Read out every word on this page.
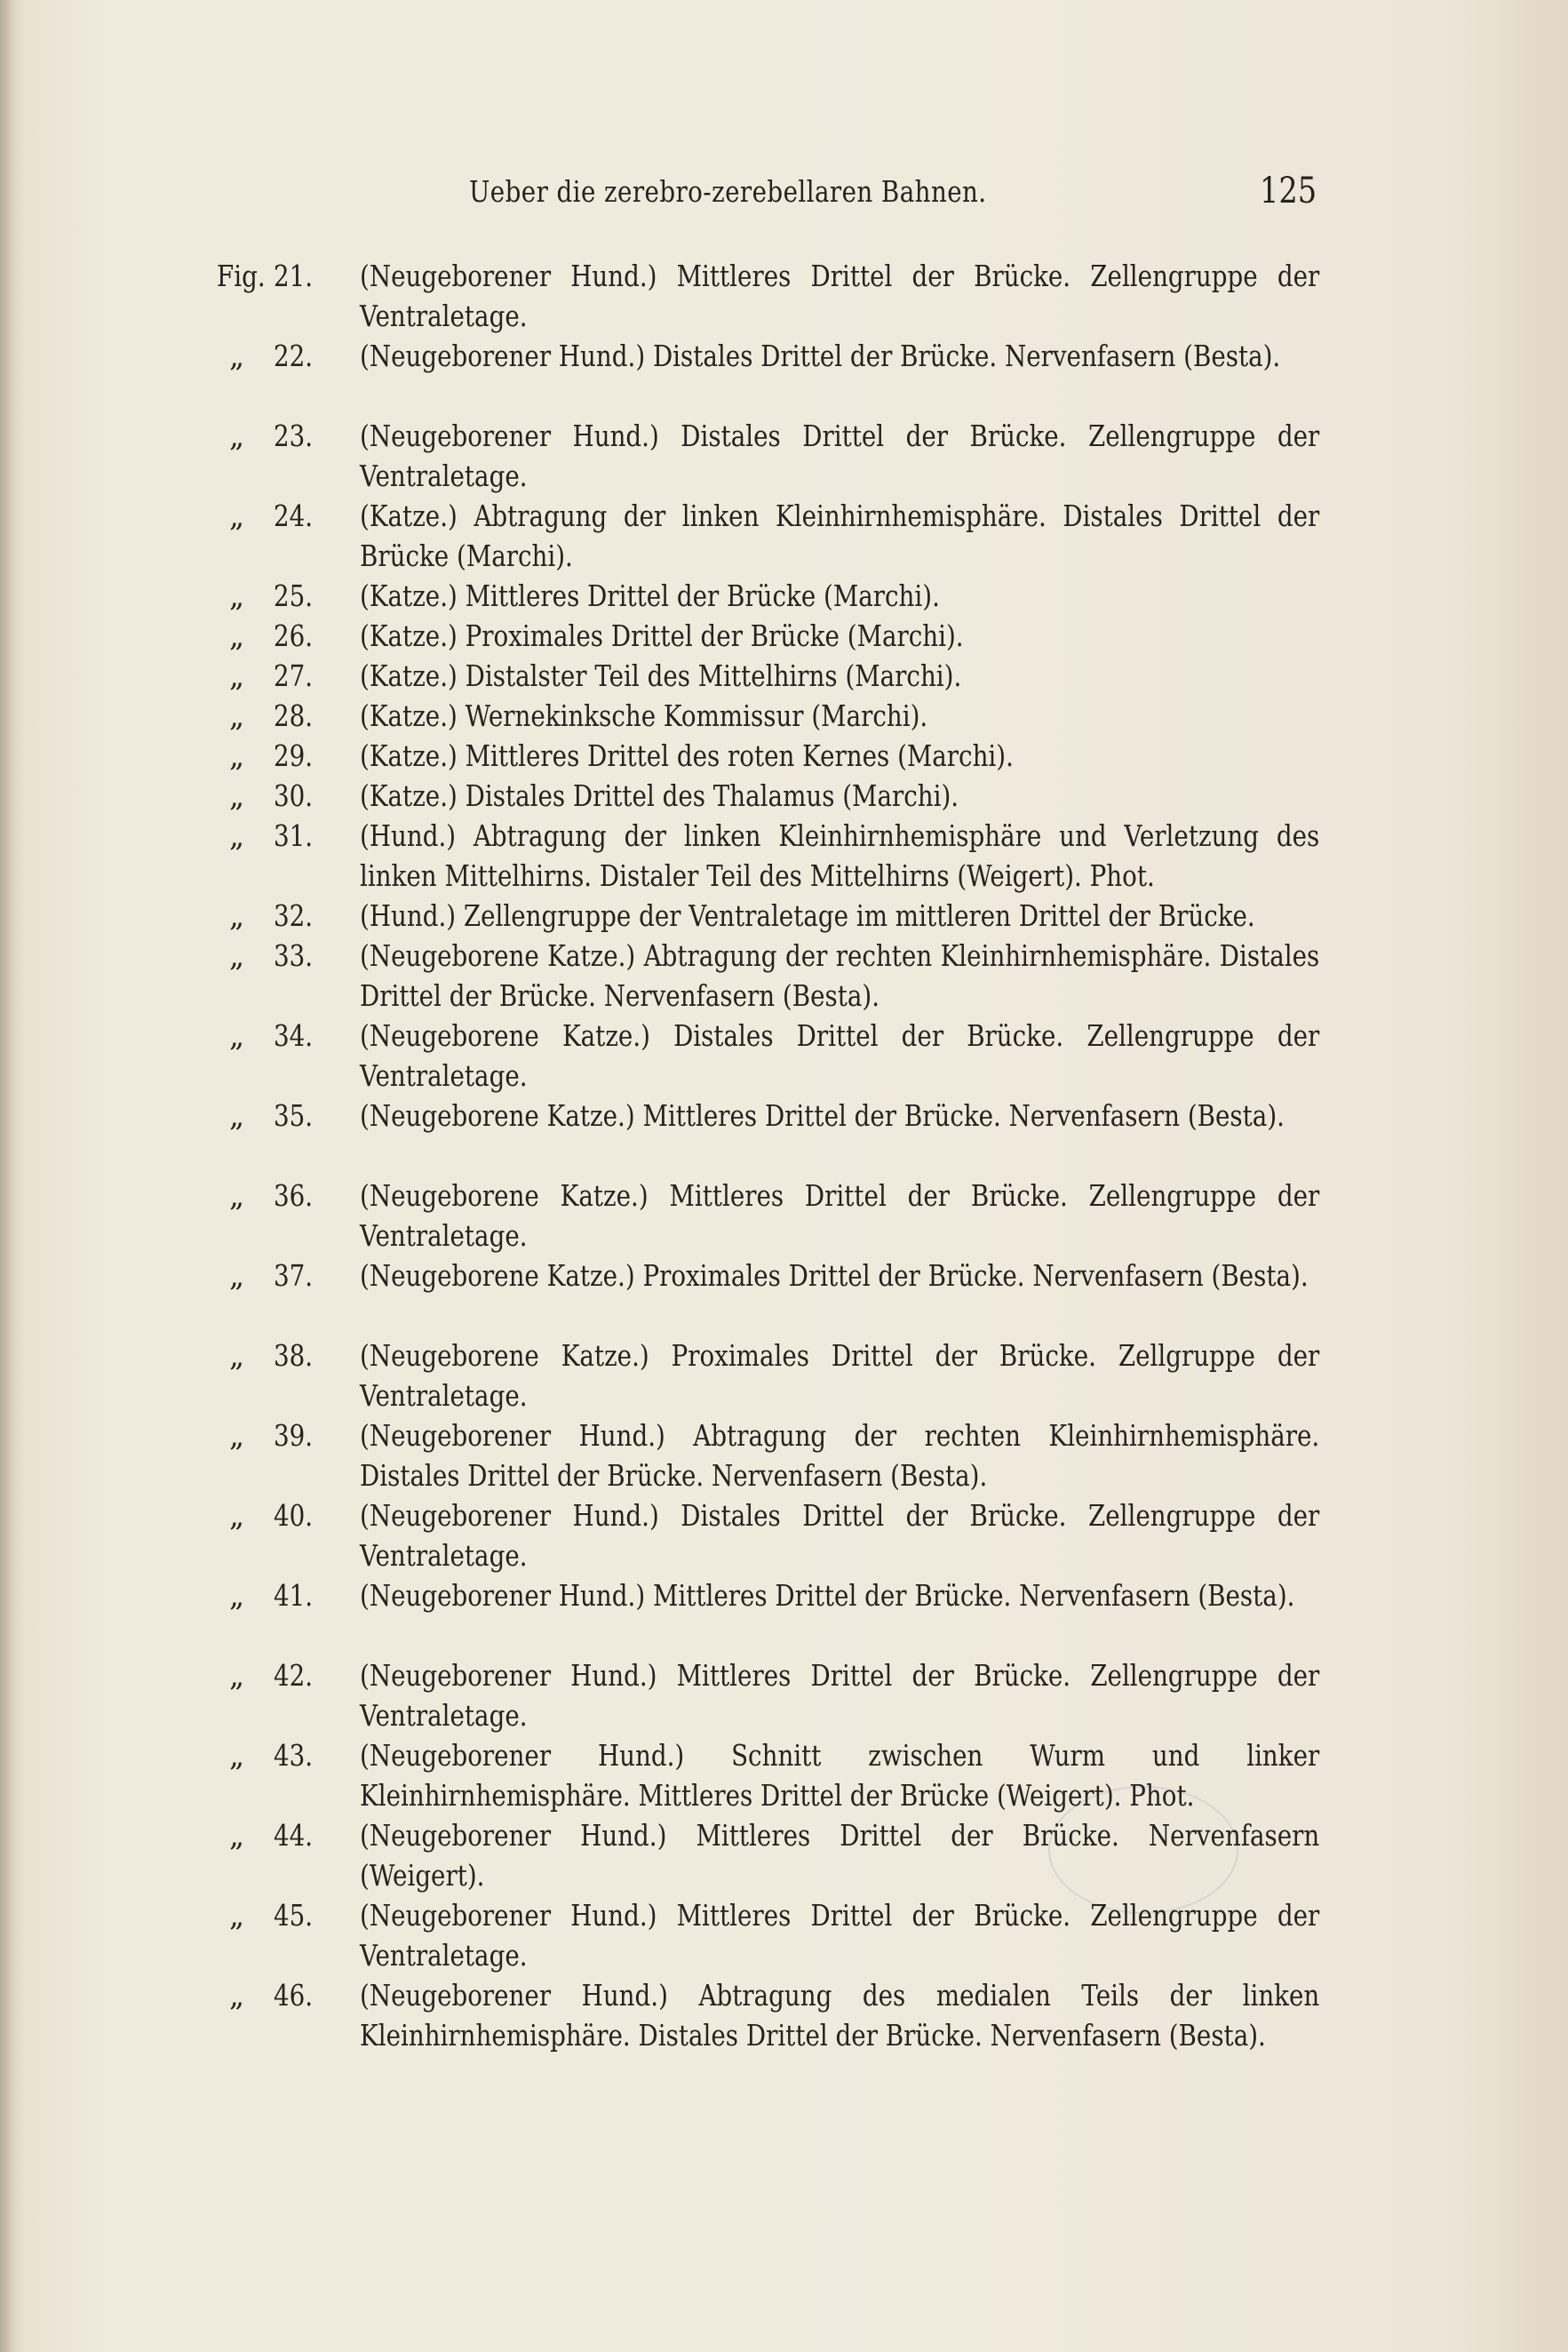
Ueber die zerebro-zerebellaren Bahnen.	125
Fig. 21. (Neugeborener Hund.) Mittleres Drittel der Brücke. Zellengruppe der Ventraletage.
„ 22. (Neugeborener Hund.) Distales Drittel der Brücke. Nervenfasern (Besta).
„ 23. (Neugeborener Hund.) Distales Drittel der Brücke. Zellengruppe der Ventraletage.
„ 24. (Katze.) Abtragung der linken Kleinhirnhemisphäre. Distales Drittel der Brücke (Marchi).
„ 25. (Katze.) Mittleres Drittel der Brücke (Marchi).
„ 26. (Katze.) Proximales Drittel der Brücke (Marchi).
„ 27. (Katze.) Distalster Teil des Mittelhirns (Marchi).
„ 28. (Katze.) Wernekinksche Kommissur (Marchi).
„ 29. (Katze.) Mittleres Drittel des roten Kernes (Marchi).
„ 30. (Katze.) Distales Drittel des Thalamus (Marchi).
„ 31. (Hund.) Abtragung der linken Kleinhirnhemisphäre und Verletzung des linken Mittelhirns. Distaler Teil des Mittelhirns (Weigert). Phot.
„ 32. (Hund.) Zellengruppe der Ventraletage im mittleren Drittel der Brücke.
„ 33. (Neugeborene Katze.) Abtragung der rechten Kleinhirnhemisphäre. Distales Drittel der Brücke. Nervenfasern (Besta).
„ 34. (Neugeborene Katze.) Distales Drittel der Brücke. Zellengruppe der Ventraletage.
„ 35. (Neugeborene Katze.) Mittleres Drittel der Brücke. Nervenfasern (Besta).
„ 36. (Neugeborene Katze.) Mittleres Drittel der Brücke. Zellengruppe der Ventraletage.
„ 37. (Neugeborene Katze.) Proximales Drittel der Brücke. Nervenfasern (Besta).
„ 38. (Neugeborene Katze.) Proximales Drittel der Brücke. Zellgruppe der Ventraletage.
„ 39. (Neugeborener Hund.) Abtragung der rechten Kleinhirnhemisphäre. Distales Drittel der Brücke. Nervenfasern (Besta).
„ 40. (Neugeborener Hund.) Distales Drittel der Brücke. Zellengruppe der Ventraletage.
„ 41. (Neugeborener Hund.) Mittleres Drittel der Brücke. Nervenfasern (Besta).
„ 42. (Neugeborener Hund.) Mittleres Drittel der Brücke. Zellengruppe der Ventraletage.
„ 43. (Neugeborener Hund.) Schnitt zwischen Wurm und linker Kleinhirnhemisphäre. Mittleres Drittel der Brücke (Weigert). Phot.
„ 44. (Neugeborener Hund.) Mittleres Drittel der Brücke. Nervenfasern (Weigert).
„ 45. (Neugeborener Hund.) Mittleres Drittel der Brücke. Zellengruppe der Ventraletage.
„ 46. (Neugeborener Hund.) Abtragung des medialen Teils der linken Kleinhirnhemisphäre. Distales Drittel der Brücke. Nervenfasern (Besta).
